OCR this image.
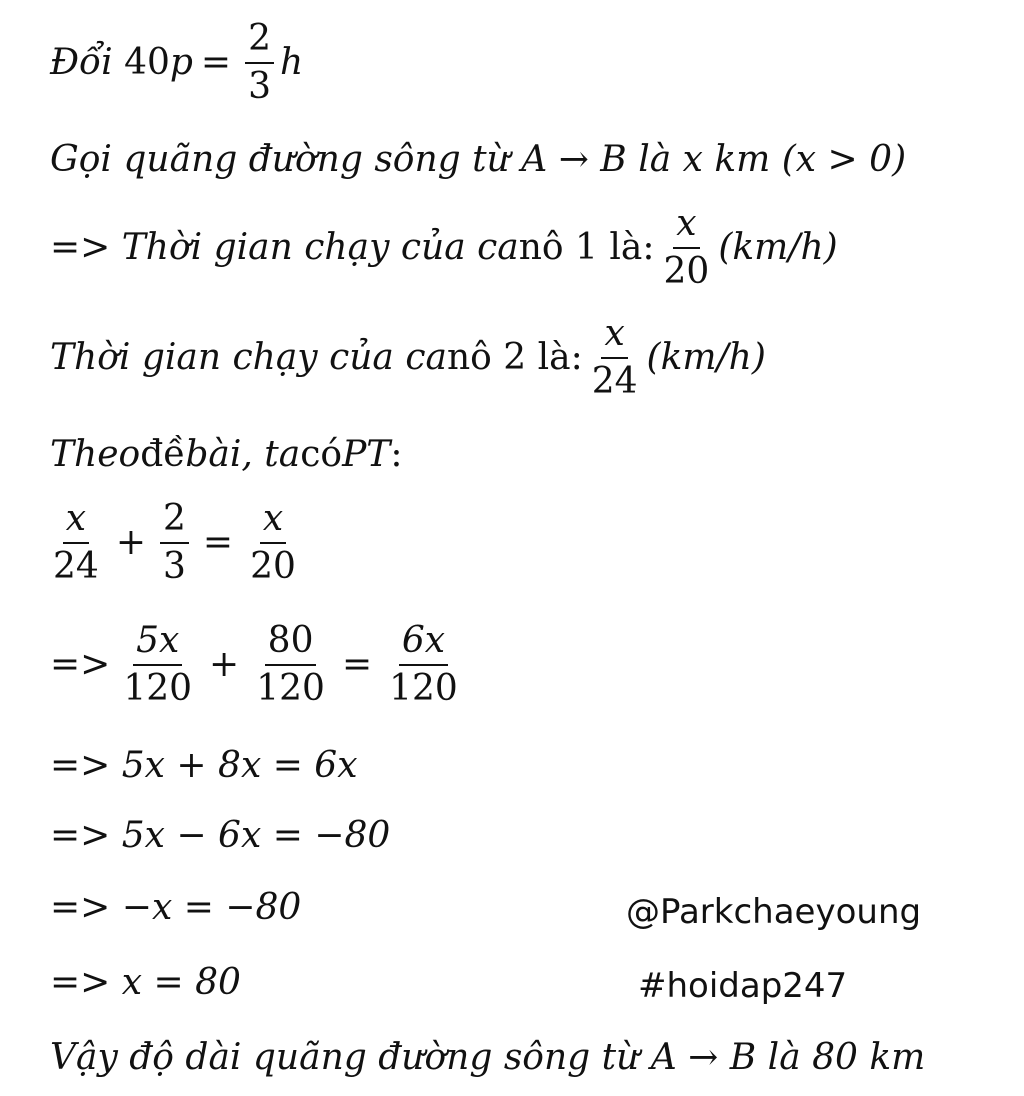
Đổi
40 $p = \frac{2}{3}$ h
Gọi quãng đường sông từ A → B là x km (x > 0)
=>
Thời gian chạy của ca nô 1 là: $\frac{x}{20} (km/h)$
Thời gian chạy của ca nô 2 là: $\frac{x}{24} (km/h)$
Theo đề bài, ta có PT :
$\frac{x}{24} + \frac{2}{3} = \frac{x}{20}$
=> $\frac{5x}{120} + \frac{80}{120} = \frac{6x}{120}$
=>
5x + 8x = 6x
=>
5x − 6x = −80
=>
−x = −80
=>
x = 80
Vậy độ dài quãng đường sông từ A → B là 80 km
@Parkchaeyoung
#hoidap247
